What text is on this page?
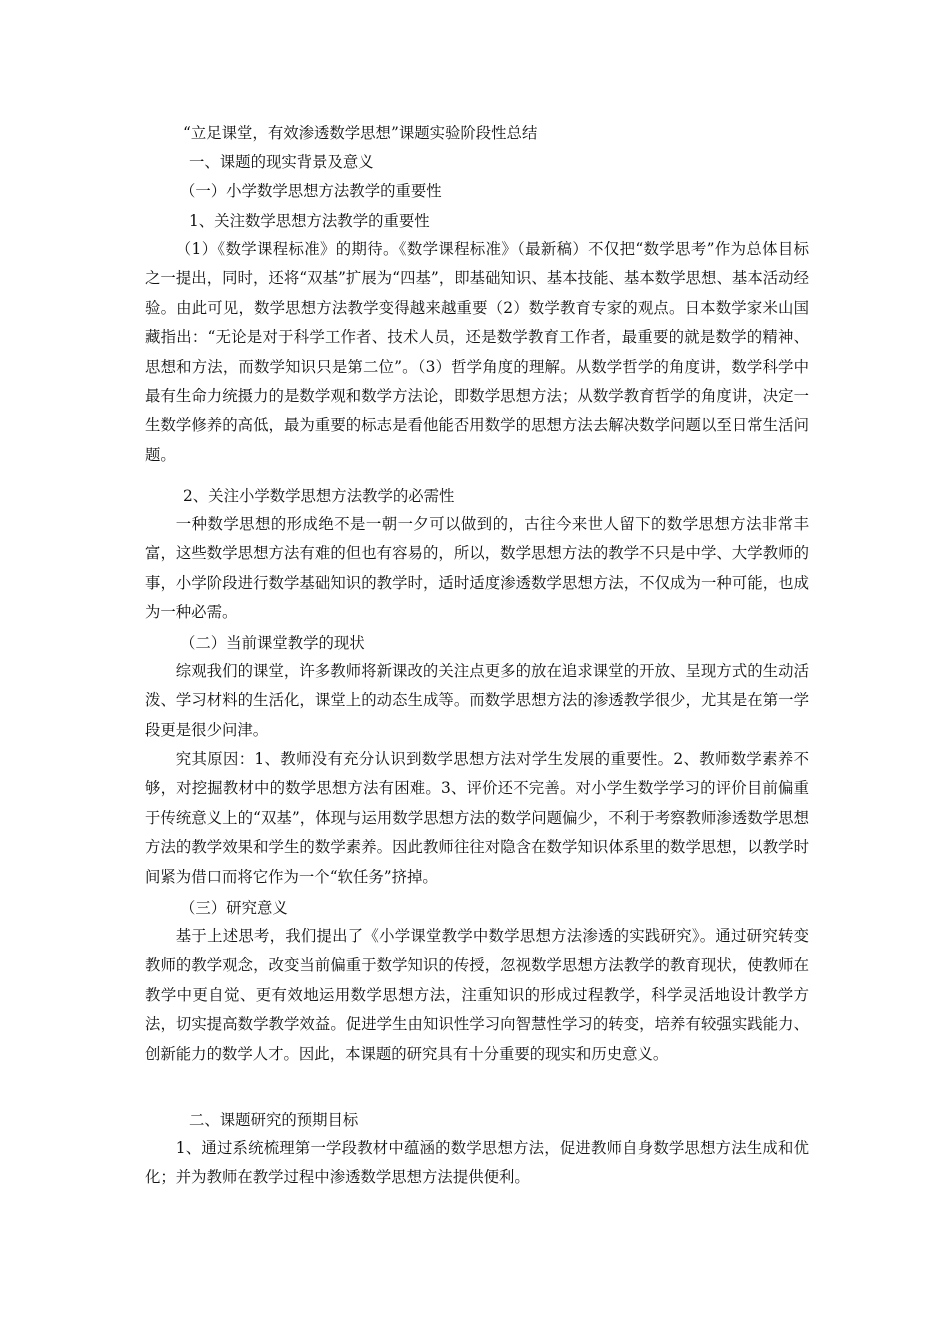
“立足课堂，有效渗透数学思想”课题实验阶段性总结
一、课题的现实背景及意义
（一）小学数学思想方法教学的重要性
1、关注数学思想方法教学的重要性

（1）《数学课程标准》的期待。《数学课程标准》（最新稿）不仅把“数学思考”作为总体目标之一提出，同时，还将“双基”扩展为“四基”，即基础知识、基本技能、基本数学思想、基本活动经验。由此可见，数学思想方法教学变得越来越重要（2）数学教育专家的观点。日本数学家米山国藏指出：“无论是对于科学工作者、技术人员，还是数学教育工作者，最重要的就是数学的精神、思想和方法，而数学知识只是第二位”。（3）哲学角度的理解。从数学哲学的角度讲，数学科学中最有生命力统摄力的是数学观和数学方法论，即数学思想方法；从数学教育哲学的角度讲，决定一生数学修养的高低，最为重要的标志是看他能否用数学的思想方法去解决数学问题以至日常生活问题。

2、关注小学数学思想方法教学的必需性

一种数学思想的形成绝不是一朝一夕可以做到的，古往今来世人留下的数学思想方法非常丰富，这些数学思想方法有难的但也有容易的，所以，数学思想方法的教学不只是中学、大学教师的事，小学阶段进行数学基础知识的教学时，适时适度渗透数学思想方法，不仅成为一种可能，也成为一种必需。

（二）当前课堂教学的现状

综观我们的课堂，许多教师将新课改的关注点更多的放在追求课堂的开放、呈现方式的生动活泼、学习材料的生活化，课堂上的动态生成等。而数学思想方法的渗透教学很少，尤其是在第一学段更是很少问津。

究其原因：1、教师没有充分认识到数学思想方法对学生发展的重要性。2、教师数学素养不够，对挖掘教材中的数学思想方法有困难。3、评价还不完善。对小学生数学学习的评价目前偏重于传统意义上的“双基”，体现与运用数学思想方法的数学问题偏少，不利于考察教师渗透数学思想方法的教学效果和学生的数学素养。因此教师往往对隐含在数学知识体系里的数学思想，以教学时间紧为借口而将它作为一个“软任务”挤掉。

（三）研究意义

基于上述思考，我们提出了《小学课堂教学中数学思想方法渗透的实践研究》。通过研究转变教师的教学观念，改变当前偏重于数学知识的传授，忽视数学思想方法教学的教育现状，使教师在教学中更自觉、更有效地运用数学思想方法，注重知识的形成过程教学，科学灵活地设计教学方法，切实提高数学教学效益。促进学生由知识性学习向智慧性学习的转变，培养有较强实践能力、创新能力的数学人才。因此，本课题的研究具有十分重要的现实和历史意义。

二、课题研究的预期目标

1、通过系统梳理第一学段教材中蕴涵的数学思想方法，促进教师自身数学思想方法生成和优化；并为教师在教学过程中渗透数学思想方法提供便利。
